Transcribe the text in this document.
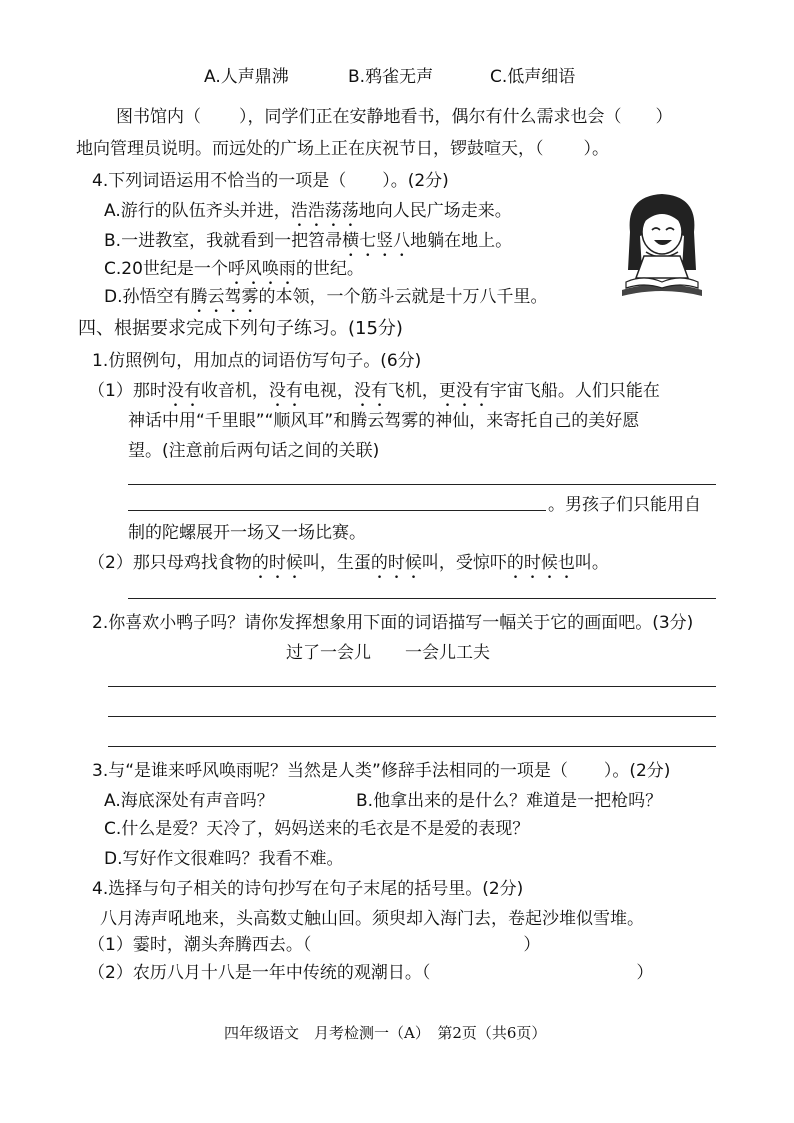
A.人声鼎沸	B.鸦雀无声	C.低声细语
图书馆内（ ），同学们正在安静地看书，偶尔有什么需求也会（ ）
地向管理员说明。而远处的广场上正在庆祝节日，锣鼓喧天，（ ）。
4.下列词语运用不恰当的一项是（ ）。(2分)
A.游行的队伍齐头并进，浩浩荡荡地向人民广场走来。
B.一进教室，我就看到一把笤帚横七竖八地躺在地上。
C.20世纪是一个呼风唤雨的世纪。
D.孙悟空有腾云驾雾的本领，一个筋斗云就是十万八千里。
四、根据要求完成下列句子练习。(15分)
1.仿照例句，用加点的词语仿写句子。(6分)
（1）那时没有收音机，没有电视，没有飞机，更没有宇宙飞船。人们只能在
神话中用“千里眼”“顺风耳”和腾云驾雾的神仙，来寄托自己的美好愿
望。(注意前后两句话之间的关联)
。男孩子们只能用自
制的陀螺展开一场又一场比赛。
（2）那只母鸡找食物的时候叫，生蛋的时候叫，受惊吓的时候也叫。
2.你喜欢小鸭子吗？请你发挥想象用下面的词语描写一幅关于它的画面吧。(3分)
过了一会儿　　一会儿工夫
3.与“是谁来呼风唤雨呢？当然是人类”修辞手法相同的一项是（ ）。(2分)
A.海底深处有声音吗？	B.他拿出来的是什么？难道是一把枪吗？
C.什么是爱？天冷了，妈妈送来的毛衣是不是爱的表现？
D.写好作文很难吗？我看不难。
4.选择与句子相关的诗句抄写在句子末尾的括号里。(2分)
八月涛声吼地来，头高数丈触山回。须臾却入海门去，卷起沙堆似雪堆。
（1）霎时，潮头奔腾西去。（	）
（2）农历八月十八是一年中传统的观潮日。（	）
四年级语文　月考检测一（A）　第2页（共6页）
